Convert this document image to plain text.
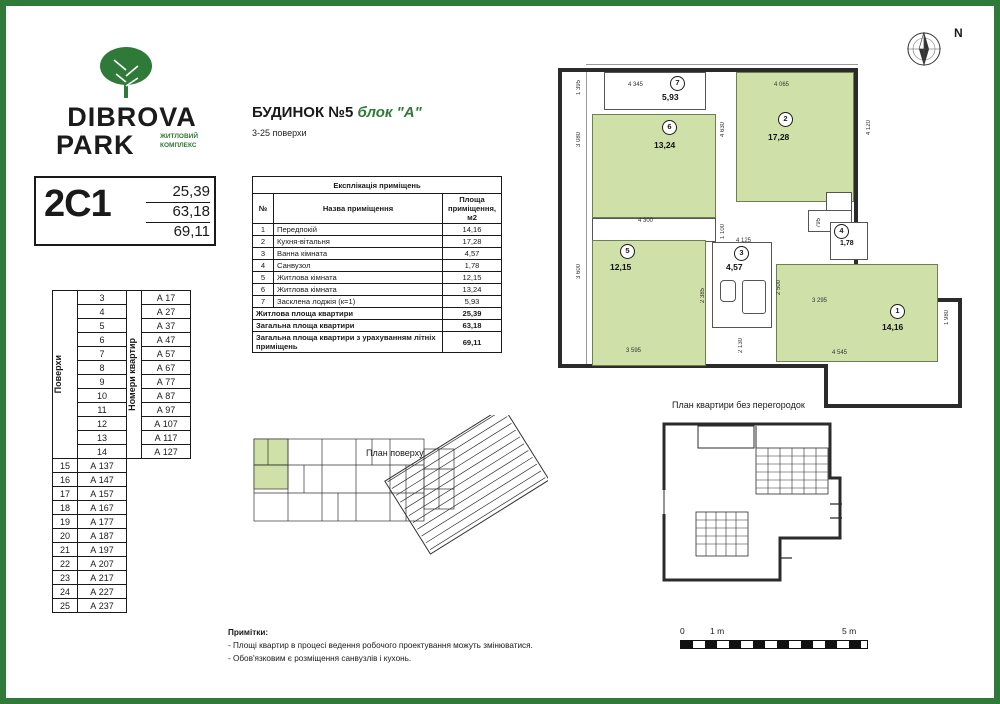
DIBROVA
PARK	ЖИТЛОВИЙ
КОМПЛЕКС
2С1	25,39
63,18
69,11
Поверхи	3	Номери квартир	А 17
	4		А 27
	5		А 37
	6		А 47
	7		А 57
	8		А 67
	9		А 77
	10		А 87
	11		А 97
	12		А 107
	13		А 117
	14		А 127
15	А 137		
16	А 147		
17	А 157		
18	А 167		
19	А 177		
20	А 187		
21	А 197		
22	А 207		
23	А 217		
24	А 227		
25	А 237		
БУДИНОК №5 блок "А"
3-25 поверхи
Експлікація приміщень		
№	Назва приміщення	Площа приміщення, м2
1	Передпокій	14,16
2	Кухня-вітальня	17,28
3	Ванна кімната	4,57
4	Санвузол	1,78
5	Житлова кімната	12,15
6	Житлова кімната	13,24
7	Засклена лоджія (к=1)	5,93
Житлова площа квартири		25,39
Загальна площа квартири		63,18
Загальна площа квартири з урахуванням літніх приміщень		69,11
N
7
5,93
6
13,24
2
17,28
5
12,15
3
4,57
4
1,78
1
14,16
4 345	4 065
4 300
4 125
3 295
4 545
3 595
1 395
3 080
3 600
4 630	4 120
1 100
2 500
2 385
2 130
1 980
795
План поверху
План квартири без перегородок
Примітки:
- Площі квартир в процесі ведення робочого проектування можуть змінюватися.
- Обов'язковим є розміщення санвузлів і кухонь.
0	1 m	5 m
